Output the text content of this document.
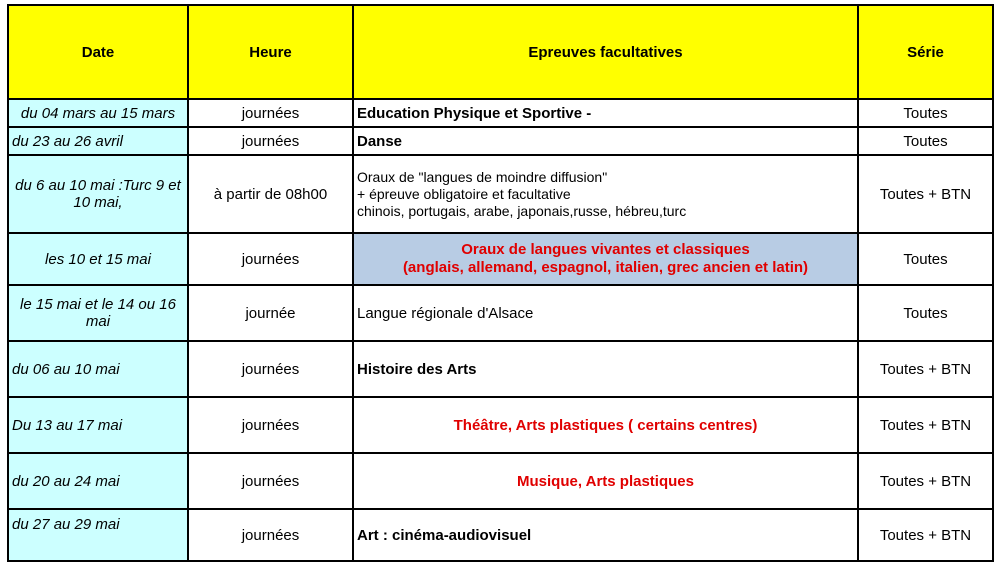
Date	Heure	Epreuves facultatives	Série
du 04 mars au 15 mars	journées	Education Physique et Sportive -	Toutes
du 23 au 26 avril	journées	Danse	Toutes
du 6 au 10 mai :Turc 9 et 10 mai,	à partir de 08h00	Oraux de "langues de moindre diffusion"
+ épreuve obligatoire et facultative
chinois, portugais, arabe, japonais,russe, hébreu,turc	Toutes + BTN
les 10 et 15 mai	journées	Oraux de langues vivantes et classiques
(anglais, allemand, espagnol, italien, grec ancien et latin)	Toutes
le 15 mai et le 14 ou 16 mai	journée	Langue régionale d'Alsace	Toutes
du 06 au 10 mai	journées	Histoire des Arts	Toutes + BTN
Du 13 au 17 mai	journées	Théâtre, Arts plastiques ( certains centres)	Toutes + BTN
du 20 au 24 mai	journées	Musique, Arts plastiques	Toutes + BTN
du 27 au 29 mai	journées	Art : cinéma-audiovisuel	Toutes + BTN
